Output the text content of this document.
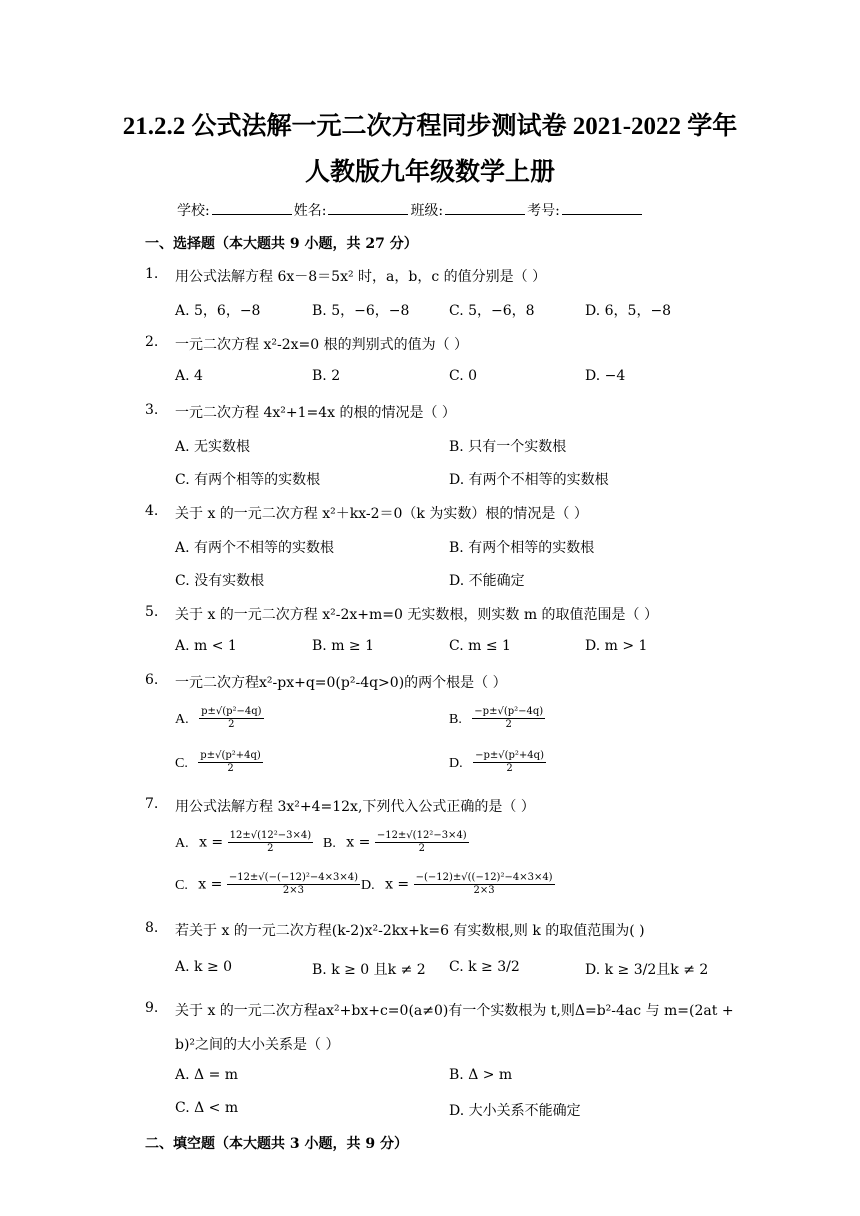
21.2.2 公式法解一元二次方程同步测试卷 2021-2022 学年
人教版九年级数学上册
学校:	姓名:	班级:	考号:
一、选择题（本大题共 9 小题，共 27 分）
1. 用公式法解方程 6x－8＝5x² 时，a，b，c 的值分别是（ ）
A. 5，6，−8	B. 5，−6，−8	C. 5，−6，8	D. 6，5，−8
2. 一元二次方程 x²-2x=0 根的判别式的值为（ ）
A. 4	B. 2	C. 0	D. −4
3. 一元二次方程 4x²+1=4x 的根的情况是（ ）
A. 无实数根	B. 只有一个实数根
C. 有两个相等的实数根	D. 有两个不相等的实数根
4. 关于 x 的一元二次方程 x²＋kx-2＝0（k 为实数）根的情况是（ ）
A. 有两个不相等的实数根	B. 有两个相等的实数根
C. 没有实数根	D. 不能确定
5. 关于 x 的一元二次方程 x²-2x+m=0 无实数根，则实数 m 的取值范围是（ ）
A. m < 1	B. m ≥ 1	C. m ≤ 1	D. m > 1
6. 一元二次方程x²-px+q=0(p²-4q>0)的两个根是（ ）
A. $\frac{\text{p±√(p²−4q)}}{2}$	B. $\frac{\text{−p±√(p²−4q)}}{2}$
C. $\frac{\text{p±√(p²+4q)}}{2}$	D. $\frac{\text{−p±√(p²+4q)}}{2}$
7. 用公式法解方程 3x²+4=12x,下列代入公式正确的是（ ）
A. $x = \frac{\text{12±√(12²−3×4)}}{2} B$. $x = \frac{\text{−12±√(12²−3×4)}}{2}$
C. $x = \frac{\text{−12±√(−(−12)²−4×3×4)}}{2\times 3} D$. $x = \frac{\text{−(−12)±√((−12)²−4×3×4)}}{2\times 3}$
8. 若关于 x 的一元二次方程(k-2)x²-2kx+k=6 有实数根,则 k 的取值范围为( )
A. k ≥ 0	B. k ≥ 0 且k ≠ 2 C. k ≥ 3/2	D. k ≥ 3/2且k ≠ 2
9. 关于 x 的一元二次方程ax²+bx+c=0(a≠0)有一个实数根为 t,则Δ=b²-4ac 与 m=(2at +
b)²之间的大小关系是（ ）
A. Δ = m	B. Δ > m
C. Δ < m	D. 大小关系不能确定
二、填空题（本大题共 3 小题，共 9 分）
